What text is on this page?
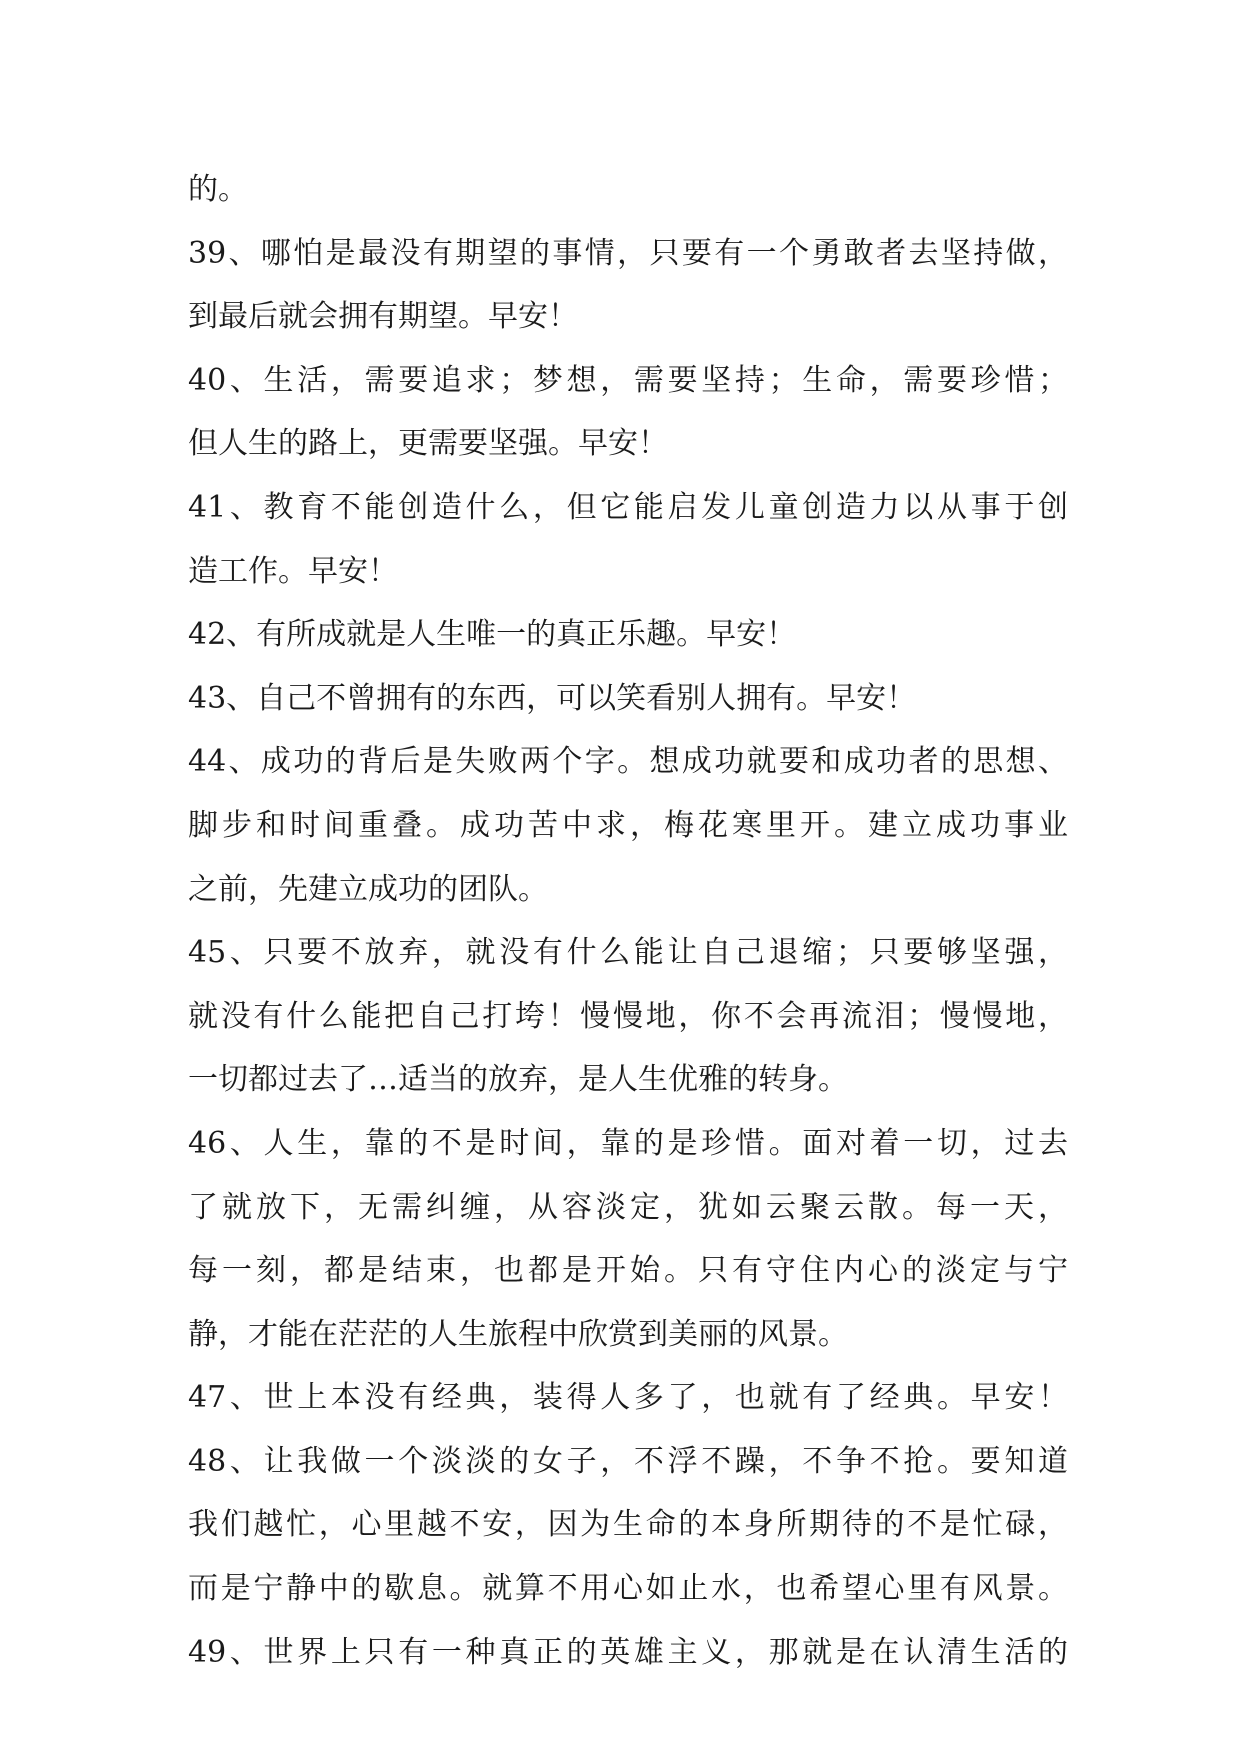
的。
39、哪怕是最没有期望的事情，只要有一个勇敢者去坚持做，
到最后就会拥有期望。早安！
40、生活，需要追求；梦想，需要坚持；生命，需要珍惜；
但人生的路上，更需要坚强。早安！
41、教育不能创造什么，但它能启发儿童创造力以从事于创
造工作。早安！
42、有所成就是人生唯一的真正乐趣。早安！
43、自己不曾拥有的东西，可以笑看别人拥有。早安！
44、成功的背后是失败两个字。想成功就要和成功者的思想、
脚步和时间重叠。成功苦中求，梅花寒里开。建立成功事业
之前，先建立成功的团队。
45、只要不放弃，就没有什么能让自己退缩；只要够坚强，
就没有什么能把自己打垮！慢慢地，你不会再流泪；慢慢地，
一切都过去了…适当的放弃，是人生优雅的转身。
46、人生，靠的不是时间，靠的是珍惜。面对着一切，过去
了就放下，无需纠缠，从容淡定，犹如云聚云散。每一天，
每一刻，都是结束，也都是开始。只有守住内心的淡定与宁
静，才能在茫茫的人生旅程中欣赏到美丽的风景。
47、世上本没有经典，装得人多了，也就有了经典。早安！
48、让我做一个淡淡的女子，不浮不躁，不争不抢。要知道
我们越忙，心里越不安，因为生命的本身所期待的不是忙碌，
而是宁静中的歇息。就算不用心如止水，也希望心里有风景。
49、世界上只有一种真正的英雄主义，那就是在认清生活的
